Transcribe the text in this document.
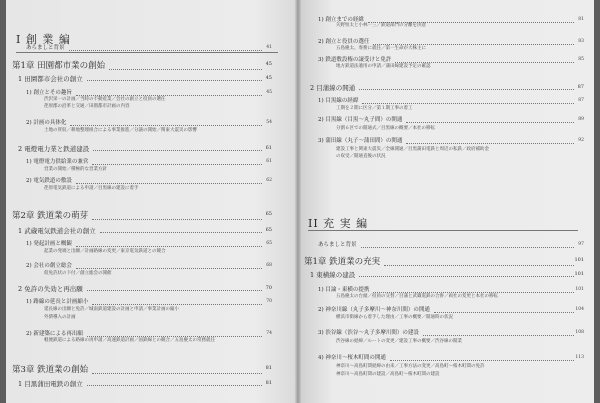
I 創 業 編
あらましと背景	41
第1章 田園都市業の創始	45
1 田園都市会社の創立	45
1) 創立とその趣旨	45
渋沢栄一の計画／当時の不動産業／会社の創立と役員の選任
荏原郡の沿革と交通／田園都市計画の内容
2) 計画の具体化	54
土地の買収／耕地整理組合による事業推進／分譲の開始／関東大震災の影響
2 電燈電力業と鉄道建設	61
1) 電燈電力供給業の兼営	61
営業の開始／積極的な営業方針
2) 電気鉄道の敷設	62
荏原電気鉄道による申請／目黒線の建設に着手
第2章 鉄道業の萌芽	65
1 武蔵電気鉄道会社の創立	65
1) 発起計画と概観	65
起業の発端と出願／計画路線の変更／東京電気鉄道との競合
2) 会社の創立総会	68
仮免許状の下付／創立総会の開催
2 免許の失効と再出願	70
1) 路線の延長と計画縮小	70
延長線の出願と免許／城南鉄道建設の計画と申請／事業計画の縮小
外債導入の計画
2) 新建築による再出願	74
軽便鉄道による路線の再申請／高速鉄道計画／国鉄線との競合／五島慶太の常務就任
第3章 鉄道業の創始	81
1 目黒蒲田電鉄の創立	81
1) 創立までの経緯	81
矢野恒太と小林一三／鉄道部門の分離を決意
2) 創立と役員の選任	83
五島慶太、専務に就任／第一生命が大株主に
3) 鉄道敷設権の譲受けと免許	85
地方鉄道法適用の申請／蒲田線建設予定の確認
2 目蒲線の開通	87
1) 目黒線の経緯	87
工期を２期に区分／第１期工事の着工
2) 目黒線（目黒～丸子間）の開通	89
分割６区での開通式／目黒線の概要／本社の移転
3) 蒲田線（丸子～蒲田間）の開通	92
建設工事と関東大震災／全線開通／目黒蒲田電鉄と周辺の私鉄／政府補助金
の収受／開通直後の状況
II 充 実 編
あらましと背景	97
第1章 鉄道業の充実	101
1 東横線の建設	101
1) 目論・東横の提携	101
五島慶太の台頭／役員の交替／目蒲と武蔵電鉄の合併／両社の変更と本社の移転
2) 神奈川線（丸子多摩川～神奈川間）の開通	104
横浜市街線から着手した理由／工事の概要／開通時の状況
3) 渋谷線（渋谷～丸子多摩川間）の建設	108
渋谷線の経緯／ルートの変更／建設工事の概要／渋谷線の開業
4) 神奈川～桜木町間の開通	113
神奈川～高島町間経緯の由来／工事方法の変更／高島町～桜木町間の免許
神奈川～高島町間の建設／高島町～桜木町間の建設
